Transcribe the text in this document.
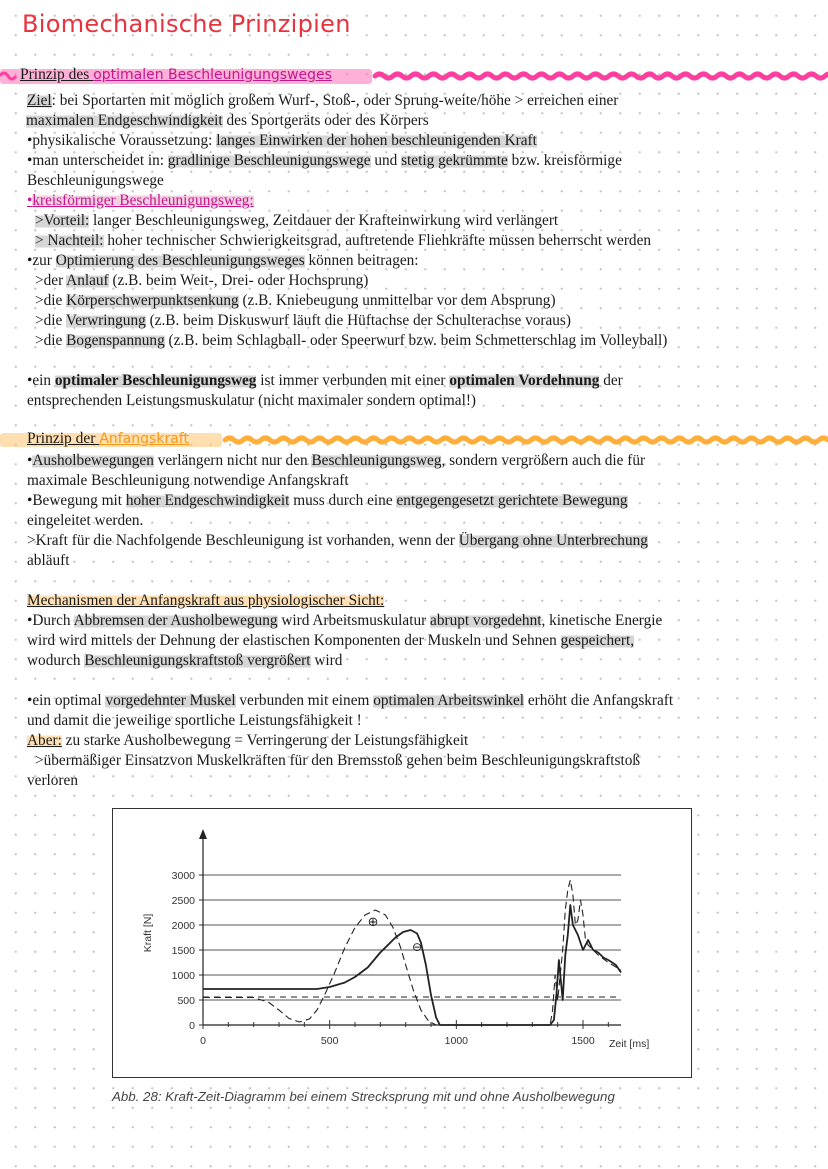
Biomechanische Prinzipien
Prinzip des optimalen Beschleunigungsweges
Ziel: bei Sportarten mit möglich großem Wurf-, Stoß-, oder Sprung-weite/höhe > erreichen einer
maximalen Endgeschwindigkeit des Sportgeräts oder des Körpers
•physikalische Voraussetzung: langes Einwirken der hohen beschleunigenden Kraft
•man unterscheidet in: gradlinige Beschleunigungswege und stetig gekrümmte bzw. kreisförmige
Beschleunigungswege
•kreisförmiger Beschleunigungsweg:
>Vorteil: langer Beschleunigungsweg, Zeitdauer der Krafteinwirkung wird verlängert
> Nachteil: hoher technischer Schwierigkeitsgrad, auftretende Fliehkräfte müssen beherrscht werden
•zur Optimierung des Beschleunigungsweges können beitragen:
>der Anlauf (z.B. beim Weit-, Drei- oder Hochsprung)
>die Körperschwerpunktsenkung (z.B. Kniebeugung unmittelbar vor dem Absprung)
>die Verwringung (z.B. beim Diskuswurf läuft die Hüftachse der Schulterachse voraus)
>die Bogenspannung (z.B. beim Schlagball- oder Speerwurf bzw. beim Schmetterschlag im Volleyball)
•ein optimaler Beschleunigungsweg ist immer verbunden mit einer optimalen Vordehnung der
entsprechenden Leistungsmuskulatur (nicht maximaler sondern optimal!)
Prinzip der Anfangskraft
•Ausholbewegungen verlängern nicht nur den Beschleunigungsweg, sondern vergrößern auch die für
maximale Beschleunigung notwendige Anfangskraft
•Bewegung mit hoher Endgeschwindigkeit muss durch eine entgegengesetzt gerichtete Bewegung
eingeleitet werden.
>Kraft für die Nachfolgende Beschleunigung ist vorhanden, wenn der Übergang ohne Unterbrechung
abläuft
Mechanismen der Anfangskraft aus physiologischer Sicht:
•Durch Abbremsen der Ausholbewegung wird Arbeitsmuskulatur abrupt vorgedehnt, kinetische Energie
wird wird mittels der Dehnung der elastischen Komponenten der Muskeln und Sehnen gespeichert,
wodurch Beschleunigungskraftstoß vergrößert wird
•ein optimal vorgedehnter Muskel verbunden mit einem optimalen Arbeitswinkel erhöht die Anfangskraft
und damit die jeweilige sportliche Leistungsfähigkeit !
Aber: zu starke Ausholbewegung = Verringerung der Leistungsfähigkeit
>übermäßiger Einsatzvon Muskelkräften für den Bremsstoß gehen beim Beschleunigungskraftstoß
verloren
0
500
1000
1500
2000
2500
3000
0	500	1000	1500 Zeit [ms]
Kraft [N]	⊕
⊖
Abb. 28: Kraft-Zeit-Diagramm bei einem Strecksprung mit und ohne Ausholbewegung
